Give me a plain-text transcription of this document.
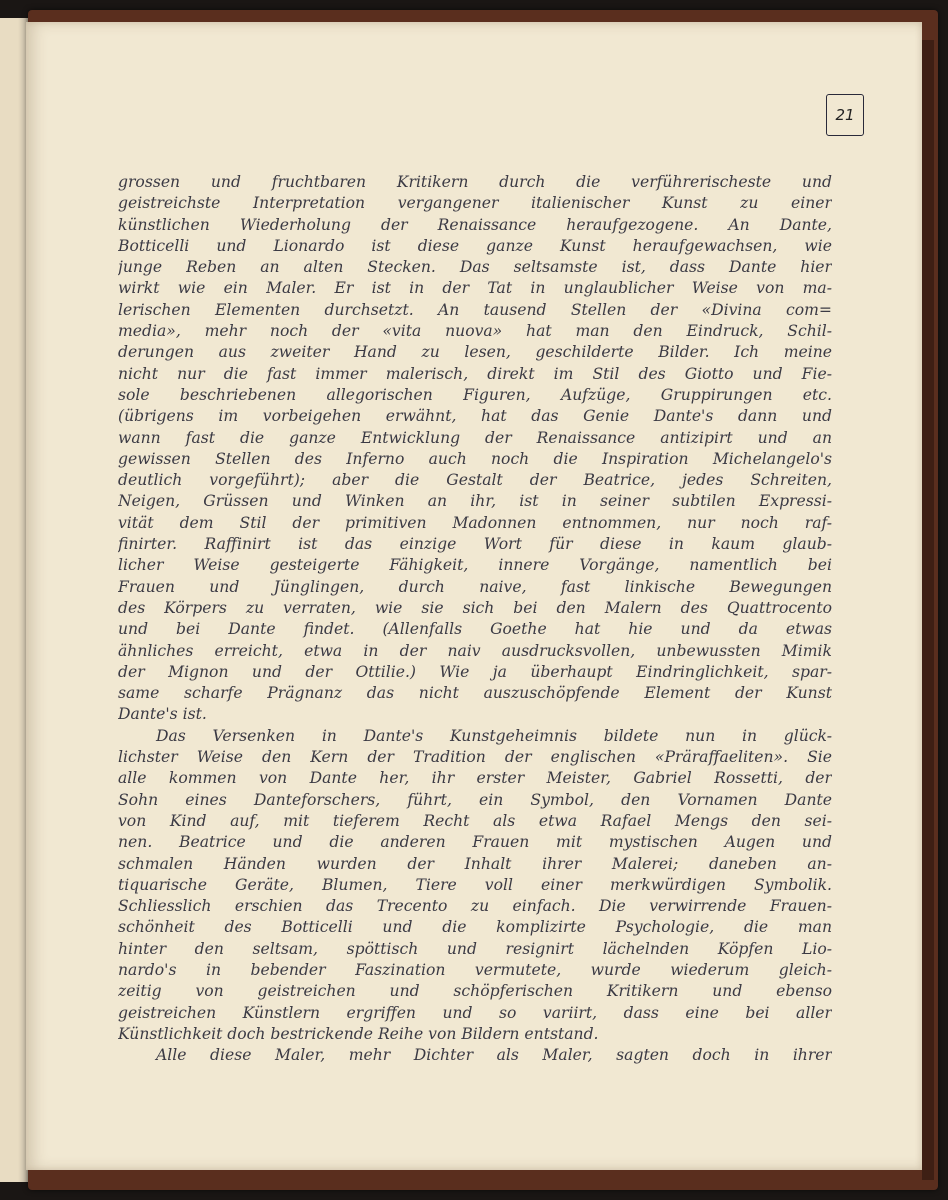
21
grossen und fruchtbaren Kritikern durch die verführerischeste und
geistreichste Interpretation vergangener italienischer Kunst zu einer
künstlichen Wiederholung der Renaissance heraufgezogene. An Dante,
Botticelli und Lionardo ist diese ganze Kunst heraufgewachsen, wie
junge Reben an alten Stecken. Das seltsamste ist, dass Dante hier
wirkt wie ein Maler. Er ist in der Tat in unglaublicher Weise von ma-
lerischen Elementen durchsetzt. An tausend Stellen der «Divina com=
media», mehr noch der «vita nuova» hat man den Eindruck, Schil-
derungen aus zweiter Hand zu lesen, geschilderte Bilder. Ich meine
nicht nur die fast immer malerisch, direkt im Stil des Giotto und Fie-
sole beschriebenen allegorischen Figuren, Aufzüge, Gruppirungen etc.
(übrigens im vorbeigehen erwähnt, hat das Genie Dante's dann und
wann fast die ganze Entwicklung der Renaissance antizipirt und an
gewissen Stellen des Inferno auch noch die Inspiration Michelangelo's
deutlich vorgeführt); aber die Gestalt der Beatrice, jedes Schreiten,
Neigen, Grüssen und Winken an ihr, ist in seiner subtilen Expressi-
vität dem Stil der primitiven Madonnen entnommen, nur noch raf-
finirter. Raffinirt ist das einzige Wort für diese in kaum glaub-
licher Weise gesteigerte Fähigkeit, innere Vorgänge, namentlich bei
Frauen und Jünglingen, durch naive, fast linkische Bewegungen
des Körpers zu verraten, wie sie sich bei den Malern des Quattrocento
und bei Dante findet. (Allenfalls Goethe hat hie und da etwas
ähnliches erreicht, etwa in der naiv ausdrucksvollen, unbewussten Mimik
der Mignon und der Ottilie.) Wie ja überhaupt Eindringlichkeit, spar-
same scharfe Prägnanz das nicht auszuschöpfende Element der Kunst
Dante's ist.
Das Versenken in Dante's Kunstgeheimnis bildete nun in glück-
lichster Weise den Kern der Tradition der englischen «Präraffaeliten». Sie
alle kommen von Dante her, ihr erster Meister, Gabriel Rossetti, der
Sohn eines Danteforschers, führt, ein Symbol, den Vornamen Dante
von Kind auf, mit tieferem Recht als etwa Rafael Mengs den sei-
nen. Beatrice und die anderen Frauen mit mystischen Augen und
schmalen Händen wurden der Inhalt ihrer Malerei; daneben an-
tiquarische Geräte, Blumen, Tiere voll einer merkwürdigen Symbolik.
Schliesslich erschien das Trecento zu einfach. Die verwirrende Frauen-
schönheit des Botticelli und die komplizirte Psychologie, die man
hinter den seltsam, spöttisch und resignirt lächelnden Köpfen Lio-
nardo's in bebender Faszination vermutete, wurde wiederum gleich-
zeitig von geistreichen und schöpferischen Kritikern und ebenso
geistreichen Künstlern ergriffen und so variirt, dass eine bei aller
Künstlichkeit doch bestrickende Reihe von Bildern entstand.
Alle diese Maler, mehr Dichter als Maler, sagten doch in ihrer
